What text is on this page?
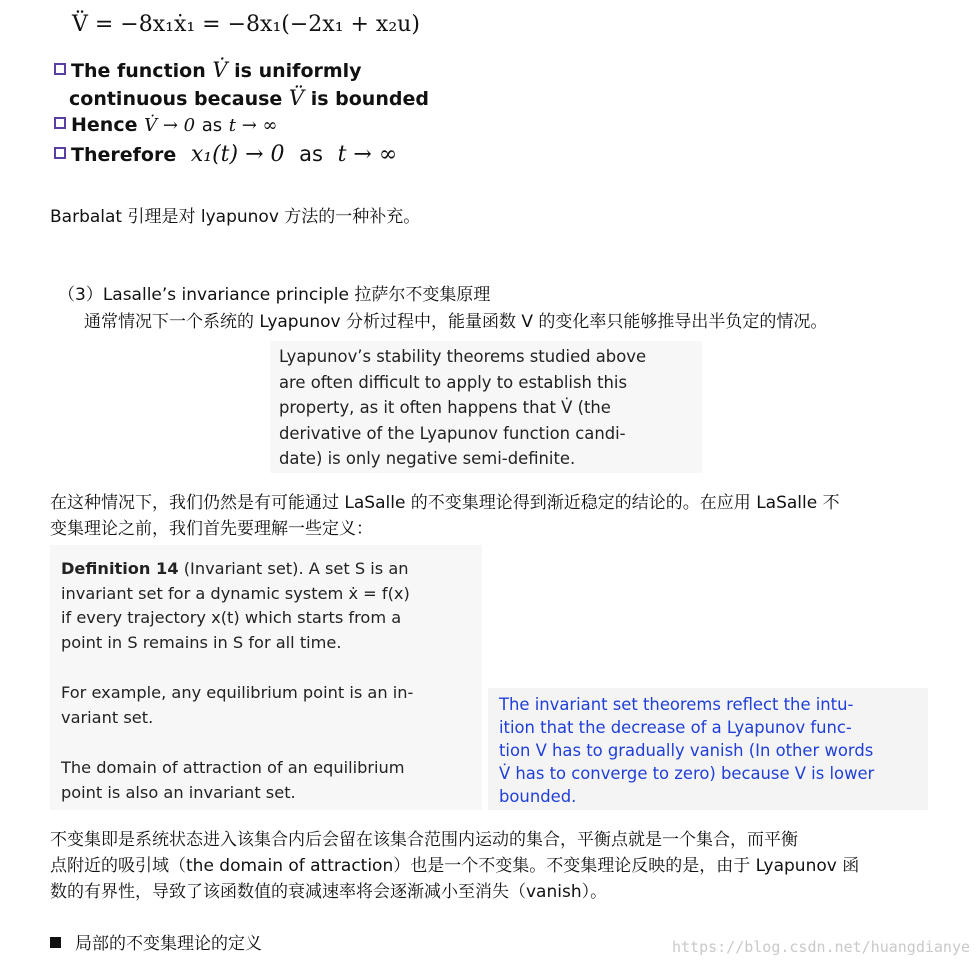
V̈ = −8x₁ẋ₁ = −8x₁(−2x₁ + x₂u)
The function V̇ is uniformly
continuous because V̈ is bounded
Hence V̇ → 0 as t → ∞
Therefore x₁(t) → 0 as t → ∞
Barbalat 引理是对 lyapunov 方法的一种补充。
（3）Lasalle’s invariance principle 拉萨尔不变集原理
通常情况下一个系统的 Lyapunov 分析过程中，能量函数 V 的变化率只能够推导出半负定的情况。
Lyapunov’s stability theorems studied above
are often difficult to apply to establish this
property, as it often happens that V̇ (the
derivative of the Lyapunov function candi-
date) is only negative semi-definite.
在这种情况下，我们仍然是有可能通过 LaSalle 的不变集理论得到渐近稳定的结论的。在应用 LaSalle 不
变集理论之前，我们首先要理解一些定义：

Definition 14 (Invariant set). A set S is an

invariant set for a dynamic system ẋ = f(x)

if every trajectory x(t) which starts from a

point in S remains in S for all time.

For example, any equilibrium point is an in-

variant set.

The domain of attraction of an equilibrium

point is also an invariant set.

The invariant set theorems reflect the intu-
ition that the decrease of a Lyapunov func-
tion V has to gradually vanish (In other words
V̇ has to converge to zero) because V is lower
bounded.
不变集即是系统状态进入该集合内后会留在该集合范围内运动的集合，平衡点就是一个集合，而平衡
点附近的吸引域（the domain of attraction）也是一个不变集。不变集理论反映的是，由于 Lyapunov 函
数的有界性，导致了该函数值的衰减速率将会逐渐减小至消失（vanish）。
局部的不变集理论的定义	https://blog.csdn.net/huangdianye
